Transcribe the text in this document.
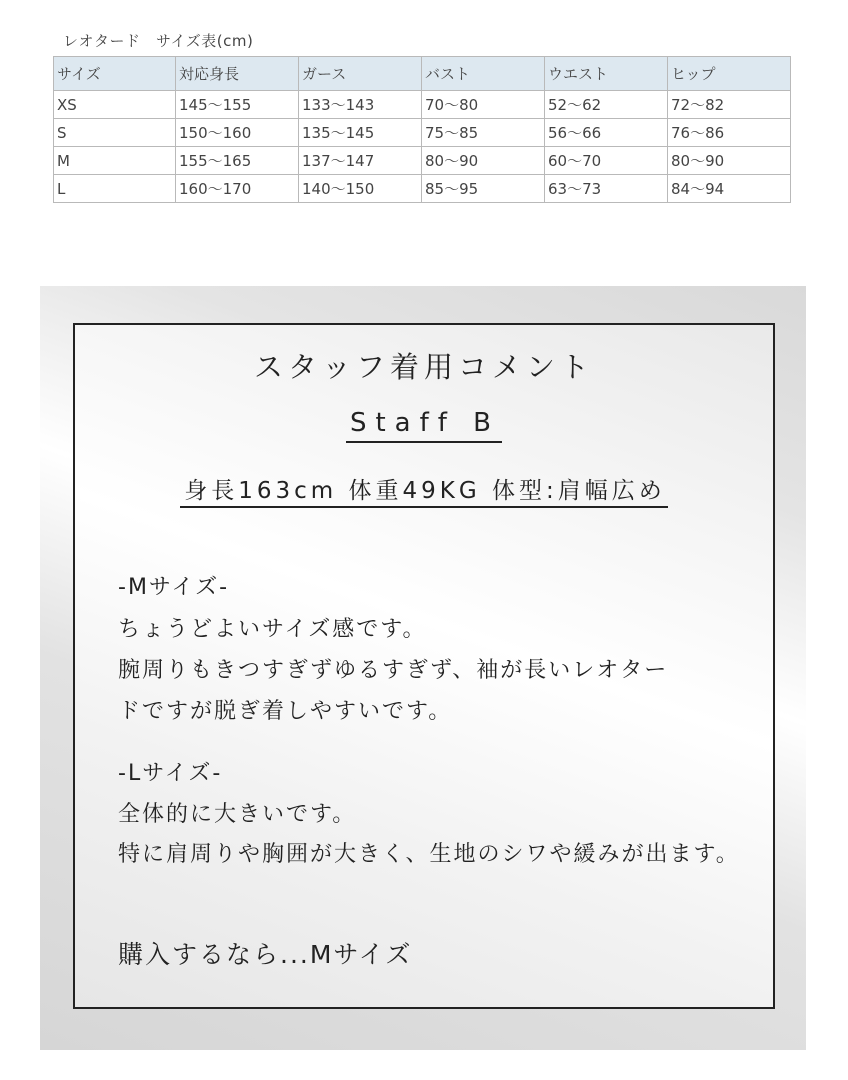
レオタード　サイズ表(cm)
サイズ	対応身長	ガース	バスト	ウエスト	ヒップ
XS	145〜155	133〜143	70〜80	52〜62	72〜82
S	150〜160	135〜145	75〜85	56〜66	76〜86
M	155〜165	137〜147	80〜90	60〜70	80〜90
L	160〜170	140〜150	85〜95	63〜73	84〜94
スタッフ着用コメント
Staff B
身長163cm 体重49KG 体型:肩幅広め
-Mサイズ-
ちょうどよいサイズ感です。
腕周りもきつすぎずゆるすぎず、袖が長いレオター
ドですが脱ぎ着しやすいです。
-Lサイズ-
全体的に大きいです。
特に肩周りや胸囲が大きく、生地のシワや緩みが出ます。
購入するなら...Mサイズ
